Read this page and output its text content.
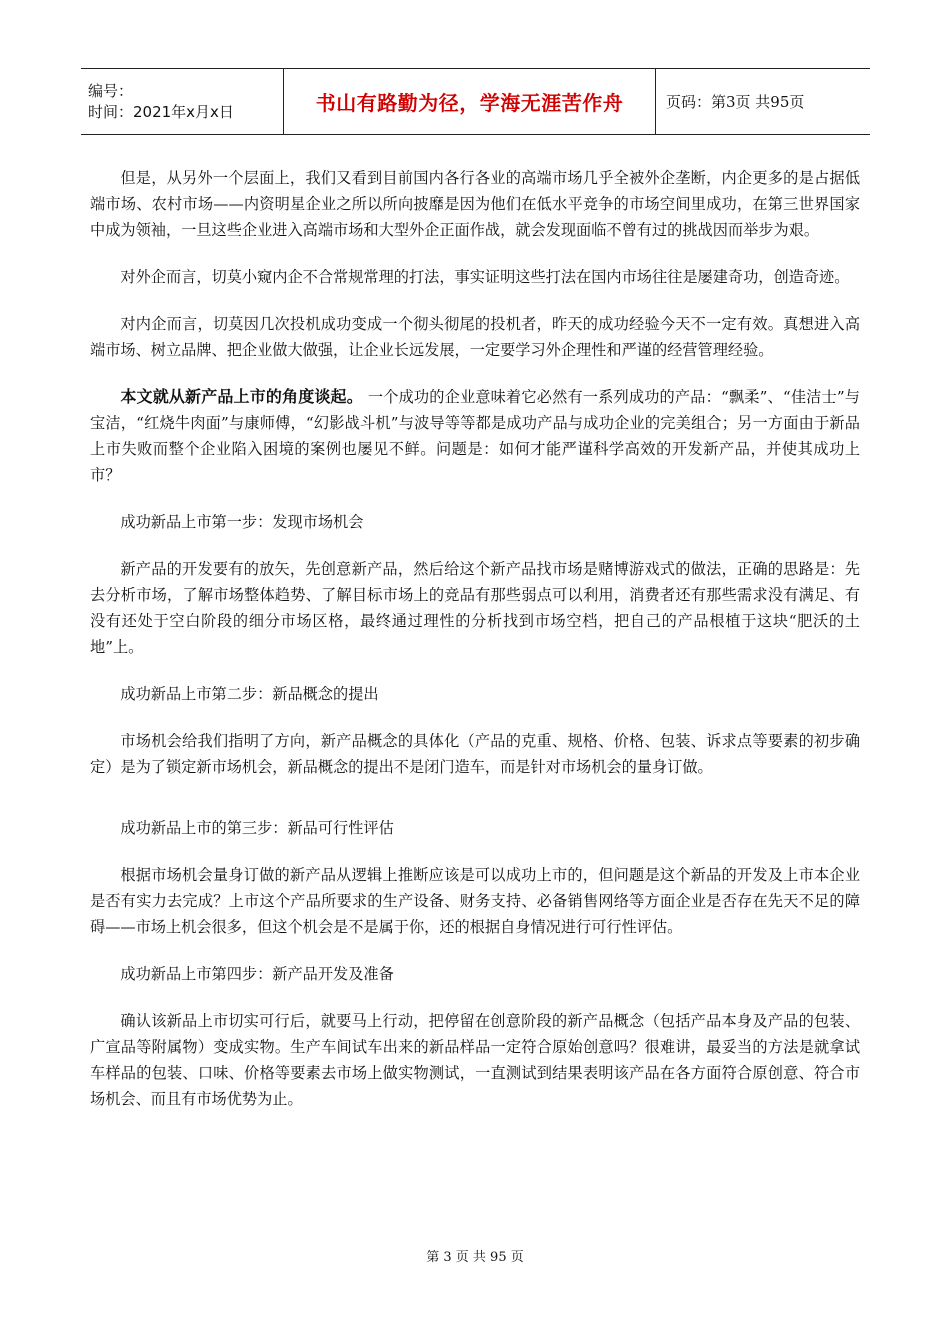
编号：
时间：2021年x月x日	书山有路勤为径，学海无涯苦作舟	页码：第3页 共95页

但是，从另外一个层面上，我们又看到目前国内各行各业的高端市场几乎全被外企垄断，内企更多的是占据低端市场、农村市场——内资明星企业之所以所向披靡是因为他们在低水平竞争的市场空间里成功，在第三世界国家中成为领袖，一旦这些企业进入高端市场和大型外企正面作战，就会发现面临不曾有过的挑战因而举步为艰。

对外企而言，切莫小窥内企不合常规常理的打法，事实证明这些打法在国内市场往往是屡建奇功，创造奇迹。

对内企而言，切莫因几次投机成功变成一个彻头彻尾的投机者，昨天的成功经验今天不一定有效。真想进入高端市场、树立品牌、把企业做大做强，让企业长远发展，一定要学习外企理性和严谨的经营管理经验。

本文就从新产品上市的角度谈起。 一个成功的企业意味着它必然有一系列成功的产品：“飘柔”、“佳洁士”与宝洁，“红烧牛肉面”与康师傅，“幻影战斗机”与波导等等都是成功产品与成功企业的完美组合；另一方面由于新品上市失败而整个企业陷入困境的案例也屡见不鲜。问题是：如何才能严谨科学高效的开发新产品，并使其成功上市？

成功新品上市第一步：发现市场机会

新产品的开发要有的放矢，先创意新产品，然后给这个新产品找市场是赌博游戏式的做法，正确的思路是：先去分析市场，了解市场整体趋势、了解目标市场上的竞品有那些弱点可以利用，消费者还有那些需求没有满足、有没有还处于空白阶段的细分市场区格，最终通过理性的分析找到市场空档，把自己的产品根植于这块“肥沃的土地”上。

成功新品上市第二步：新品概念的提出

市场机会给我们指明了方向，新产品概念的具体化（产品的克重、规格、价格、包装、诉求点等要素的初步确定）是为了锁定新市场机会，新品概念的提出不是闭门造车，而是针对市场机会的量身订做。

成功新品上市的第三步：新品可行性评估

根据市场机会量身订做的新产品从逻辑上推断应该是可以成功上市的，但问题是这个新品的开发及上市本企业是否有实力去完成？上市这个产品所要求的生产设备、财务支持、必备销售网络等方面企业是否存在先天不足的障碍——市场上机会很多，但这个机会是不是属于你，还的根据自身情况进行可行性评估。

成功新品上市第四步：新产品开发及准备

确认该新品上市切实可行后，就要马上行动，把停留在创意阶段的新产品概念（包括产品本身及产品的包装、广宣品等附属物）变成实物。生产车间试车出来的新品样品一定符合原始创意吗？很难讲，最妥当的方法是就拿试车样品的包装、口味、价格等要素去市场上做实物测试，一直测试到结果表明该产品在各方面符合原创意、符合市场机会、而且有市场优势为止。

第 3 页 共 95 页
